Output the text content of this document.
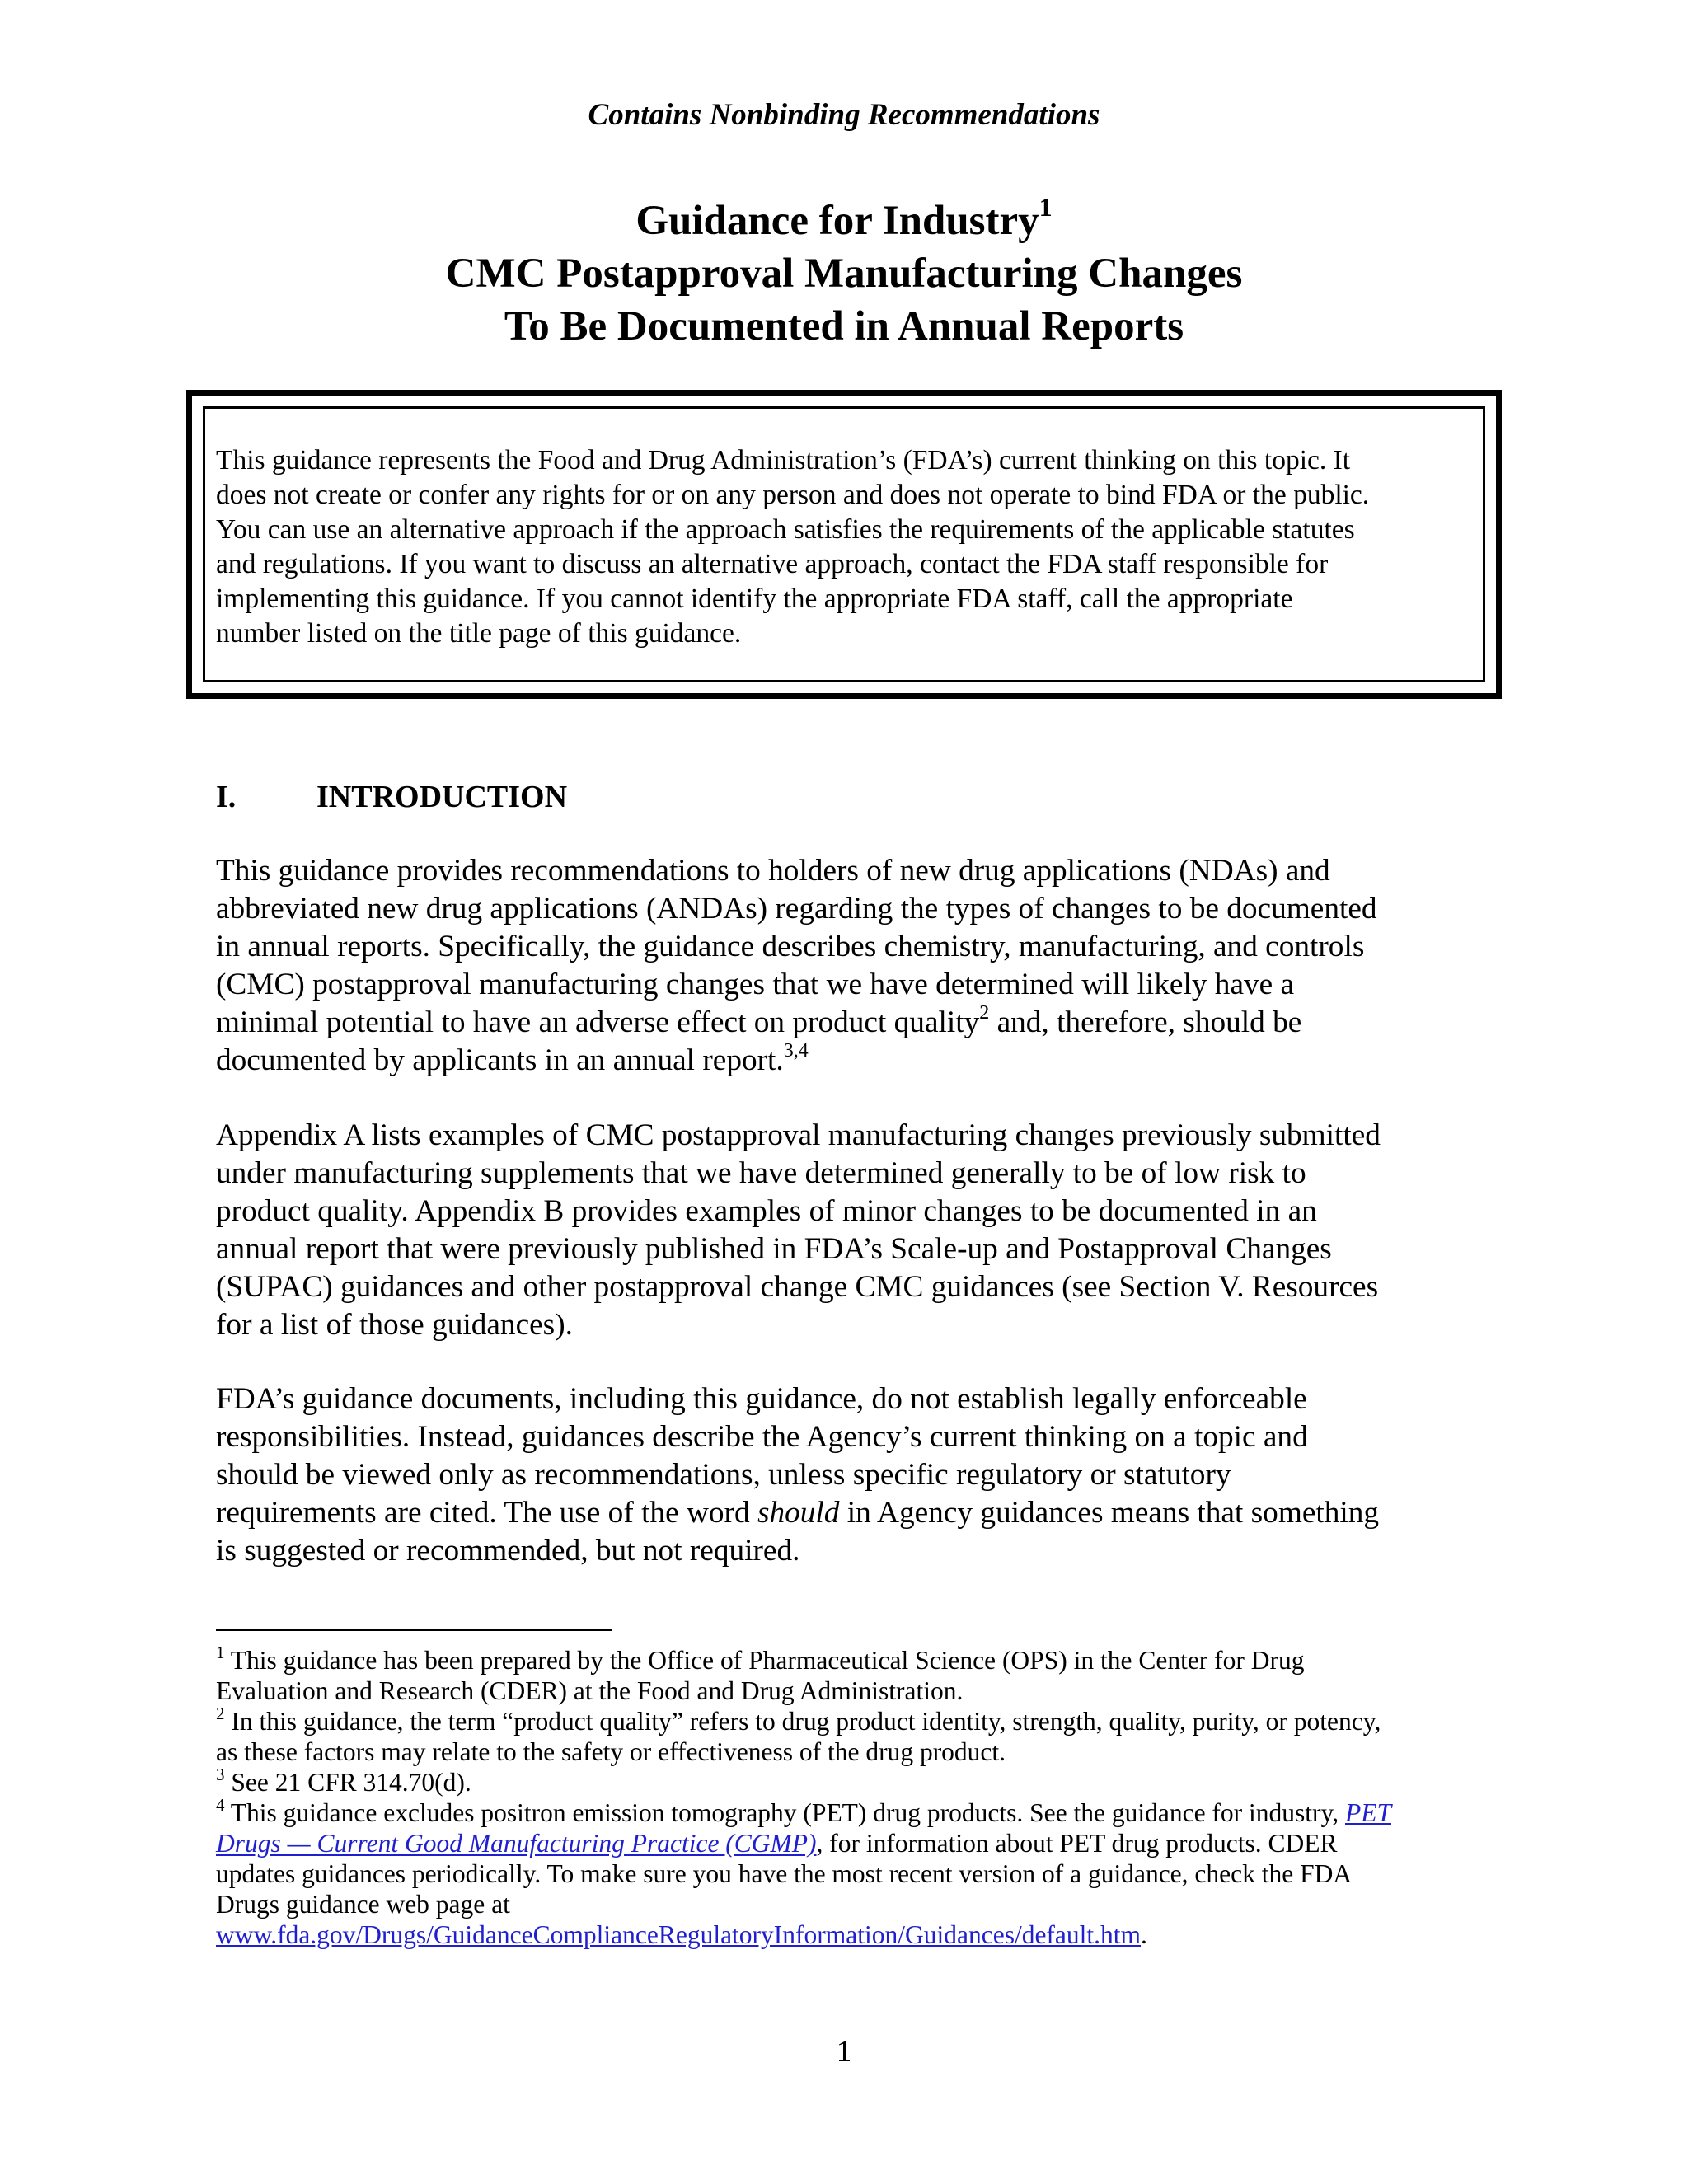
Contains Nonbinding Recommendations
Guidance for Industry$^1$
CMC Postapproval Manufacturing Changes
To Be Documented in Annual Reports
This guidance represents the Food and Drug Administration’s (FDA’s) current thinking on this topic. It
does not create or confer any rights for or on any person and does not operate to bind FDA or the public.
You can use an alternative approach if the approach satisfies the requirements of the applicable statutes
and regulations. If you want to discuss an alternative approach, contact the FDA staff responsible for
implementing this guidance. If you cannot identify the appropriate FDA staff, call the appropriate
number listed on the title page of this guidance.
I.	INTRODUCTION
This guidance provides recommendations to holders of new drug applications (NDAs) and
abbreviated new drug applications (ANDAs) regarding the types of changes to be documented
in annual reports. Specifically, the guidance describes chemistry, manufacturing, and controls
(CMC) postapproval manufacturing changes that we have determined will likely have a
minimal potential to have an adverse effect on product quality$^2$ and, therefore, should be
documented by applicants in an annual report.$^{3,4}$
Appendix A lists examples of CMC postapproval manufacturing changes previously submitted
under manufacturing supplements that we have determined generally to be of low risk to
product quality. Appendix B provides examples of minor changes to be documented in an
annual report that were previously published in FDA’s Scale-up and Postapproval Changes
(SUPAC) guidances and other postapproval change CMC guidances (see Section V. Resources
for a list of those guidances).
FDA’s guidance documents, including this guidance, do not establish legally enforceable
responsibilities. Instead, guidances describe the Agency’s current thinking on a topic and
should be viewed only as recommendations, unless specific regulatory or statutory
requirements are cited. The use of the word should in Agency guidances means that something
is suggested or recommended, but not required.
$^1$ This guidance has been prepared by the Office of Pharmaceutical Science (OPS) in the Center for Drug
Evaluation and Research (CDER) at the Food and Drug Administration.
$^2$ In this guidance, the term “product quality” refers to drug product identity, strength, quality, purity, or potency,
as these factors may relate to the safety or effectiveness of the drug product.
$^3$ See 21 CFR 314.70(d).
$^4$ This guidance excludes positron emission tomography (PET) drug products. See the guidance for industry, PET
Drugs — Current Good Manufacturing Practice (CGMP), for information about PET drug products. CDER
updates guidances periodically. To make sure you have the most recent version of a guidance, check the FDA
Drugs guidance web page at
www.fda.gov/Drugs/GuidanceComplianceRegulatoryInformation/Guidances/default.htm.
1
